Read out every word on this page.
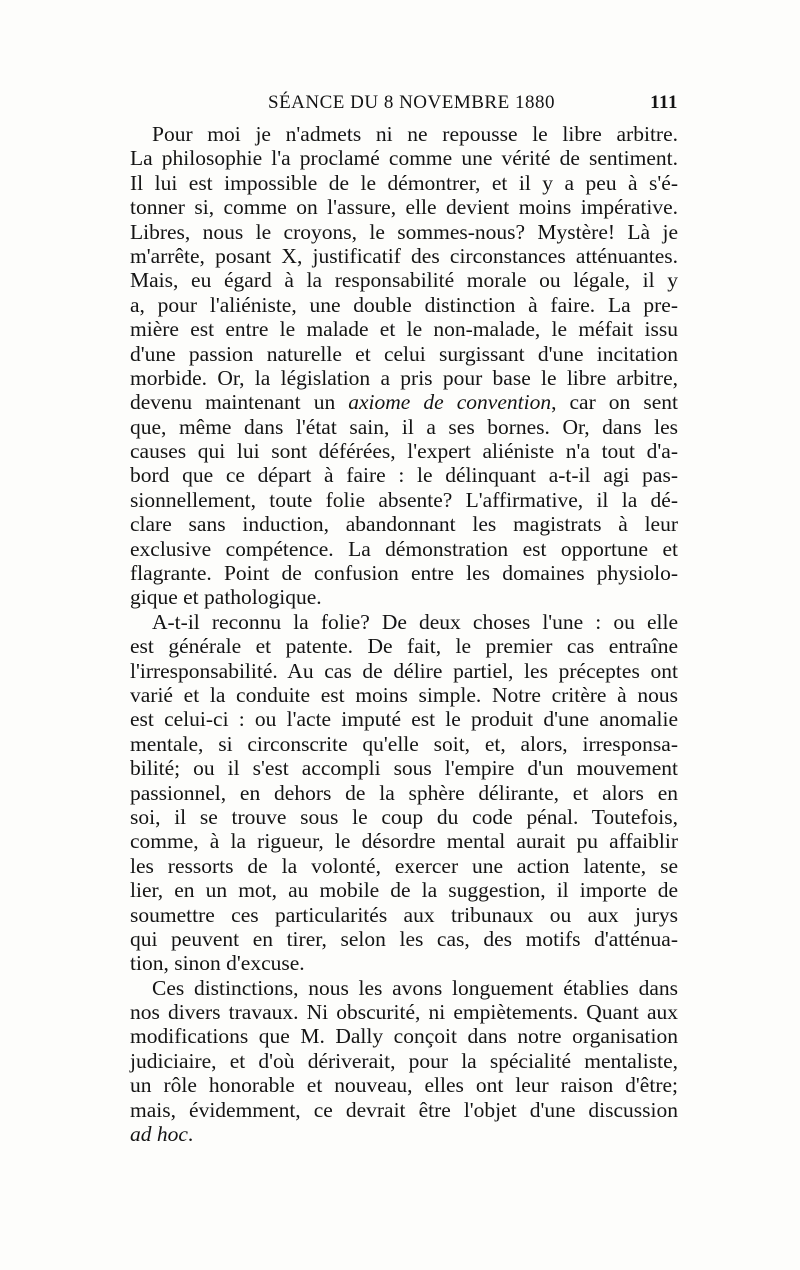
SÉANCE DU 8 NOVEMBRE 1880	111
Pour moi je n'admets ni ne repousse le libre arbitre.
La philosophie l'a proclamé comme une vérité de sentiment.
Il lui est impossible de le démontrer, et il y a peu à s'é-
tonner si, comme on l'assure, elle devient moins impérative.
Libres, nous le croyons, le sommes-nous? Mystère! Là je
m'arrête, posant X, justificatif des circonstances atténuantes.
Mais, eu égard à la responsabilité morale ou légale, il y
a, pour l'aliéniste, une double distinction à faire. La pre-
mière est entre le malade et le non-malade, le méfait issu
d'une passion naturelle et celui surgissant d'une incitation
morbide. Or, la législation a pris pour base le libre arbitre,
devenu maintenant un axiome de convention, car on sent
que, même dans l'état sain, il a ses bornes. Or, dans les
causes qui lui sont déférées, l'expert aliéniste n'a tout d'a-
bord que ce départ à faire : le délinquant a-t-il agi pas-
sionnellement, toute folie absente? L'affirmative, il la dé-
clare sans induction, abandonnant les magistrats à leur
exclusive compétence. La démonstration est opportune et
flagrante. Point de confusion entre les domaines physiolo-
gique et pathologique.
A-t-il reconnu la folie? De deux choses l'une : ou elle
est générale et patente. De fait, le premier cas entraîne
l'irresponsabilité. Au cas de délire partiel, les préceptes ont
varié et la conduite est moins simple. Notre critère à nous
est celui-ci : ou l'acte imputé est le produit d'une anomalie
mentale, si circonscrite qu'elle soit, et, alors, irresponsa-
bilité; ou il s'est accompli sous l'empire d'un mouvement
passionnel, en dehors de la sphère délirante, et alors en
soi, il se trouve sous le coup du code pénal. Toutefois,
comme, à la rigueur, le désordre mental aurait pu affaiblir
les ressorts de la volonté, exercer une action latente, se
lier, en un mot, au mobile de la suggestion, il importe de
soumettre ces particularités aux tribunaux ou aux jurys
qui peuvent en tirer, selon les cas, des motifs d'atténua-
tion, sinon d'excuse.
Ces distinctions, nous les avons longuement établies dans
nos divers travaux. Ni obscurité, ni empiètements. Quant aux
modifications que M. Dally conçoit dans notre organisation
judiciaire, et d'où dériverait, pour la spécialité mentaliste,
un rôle honorable et nouveau, elles ont leur raison d'être;
mais, évidemment, ce devrait être l'objet d'une discussion
ad hoc.
